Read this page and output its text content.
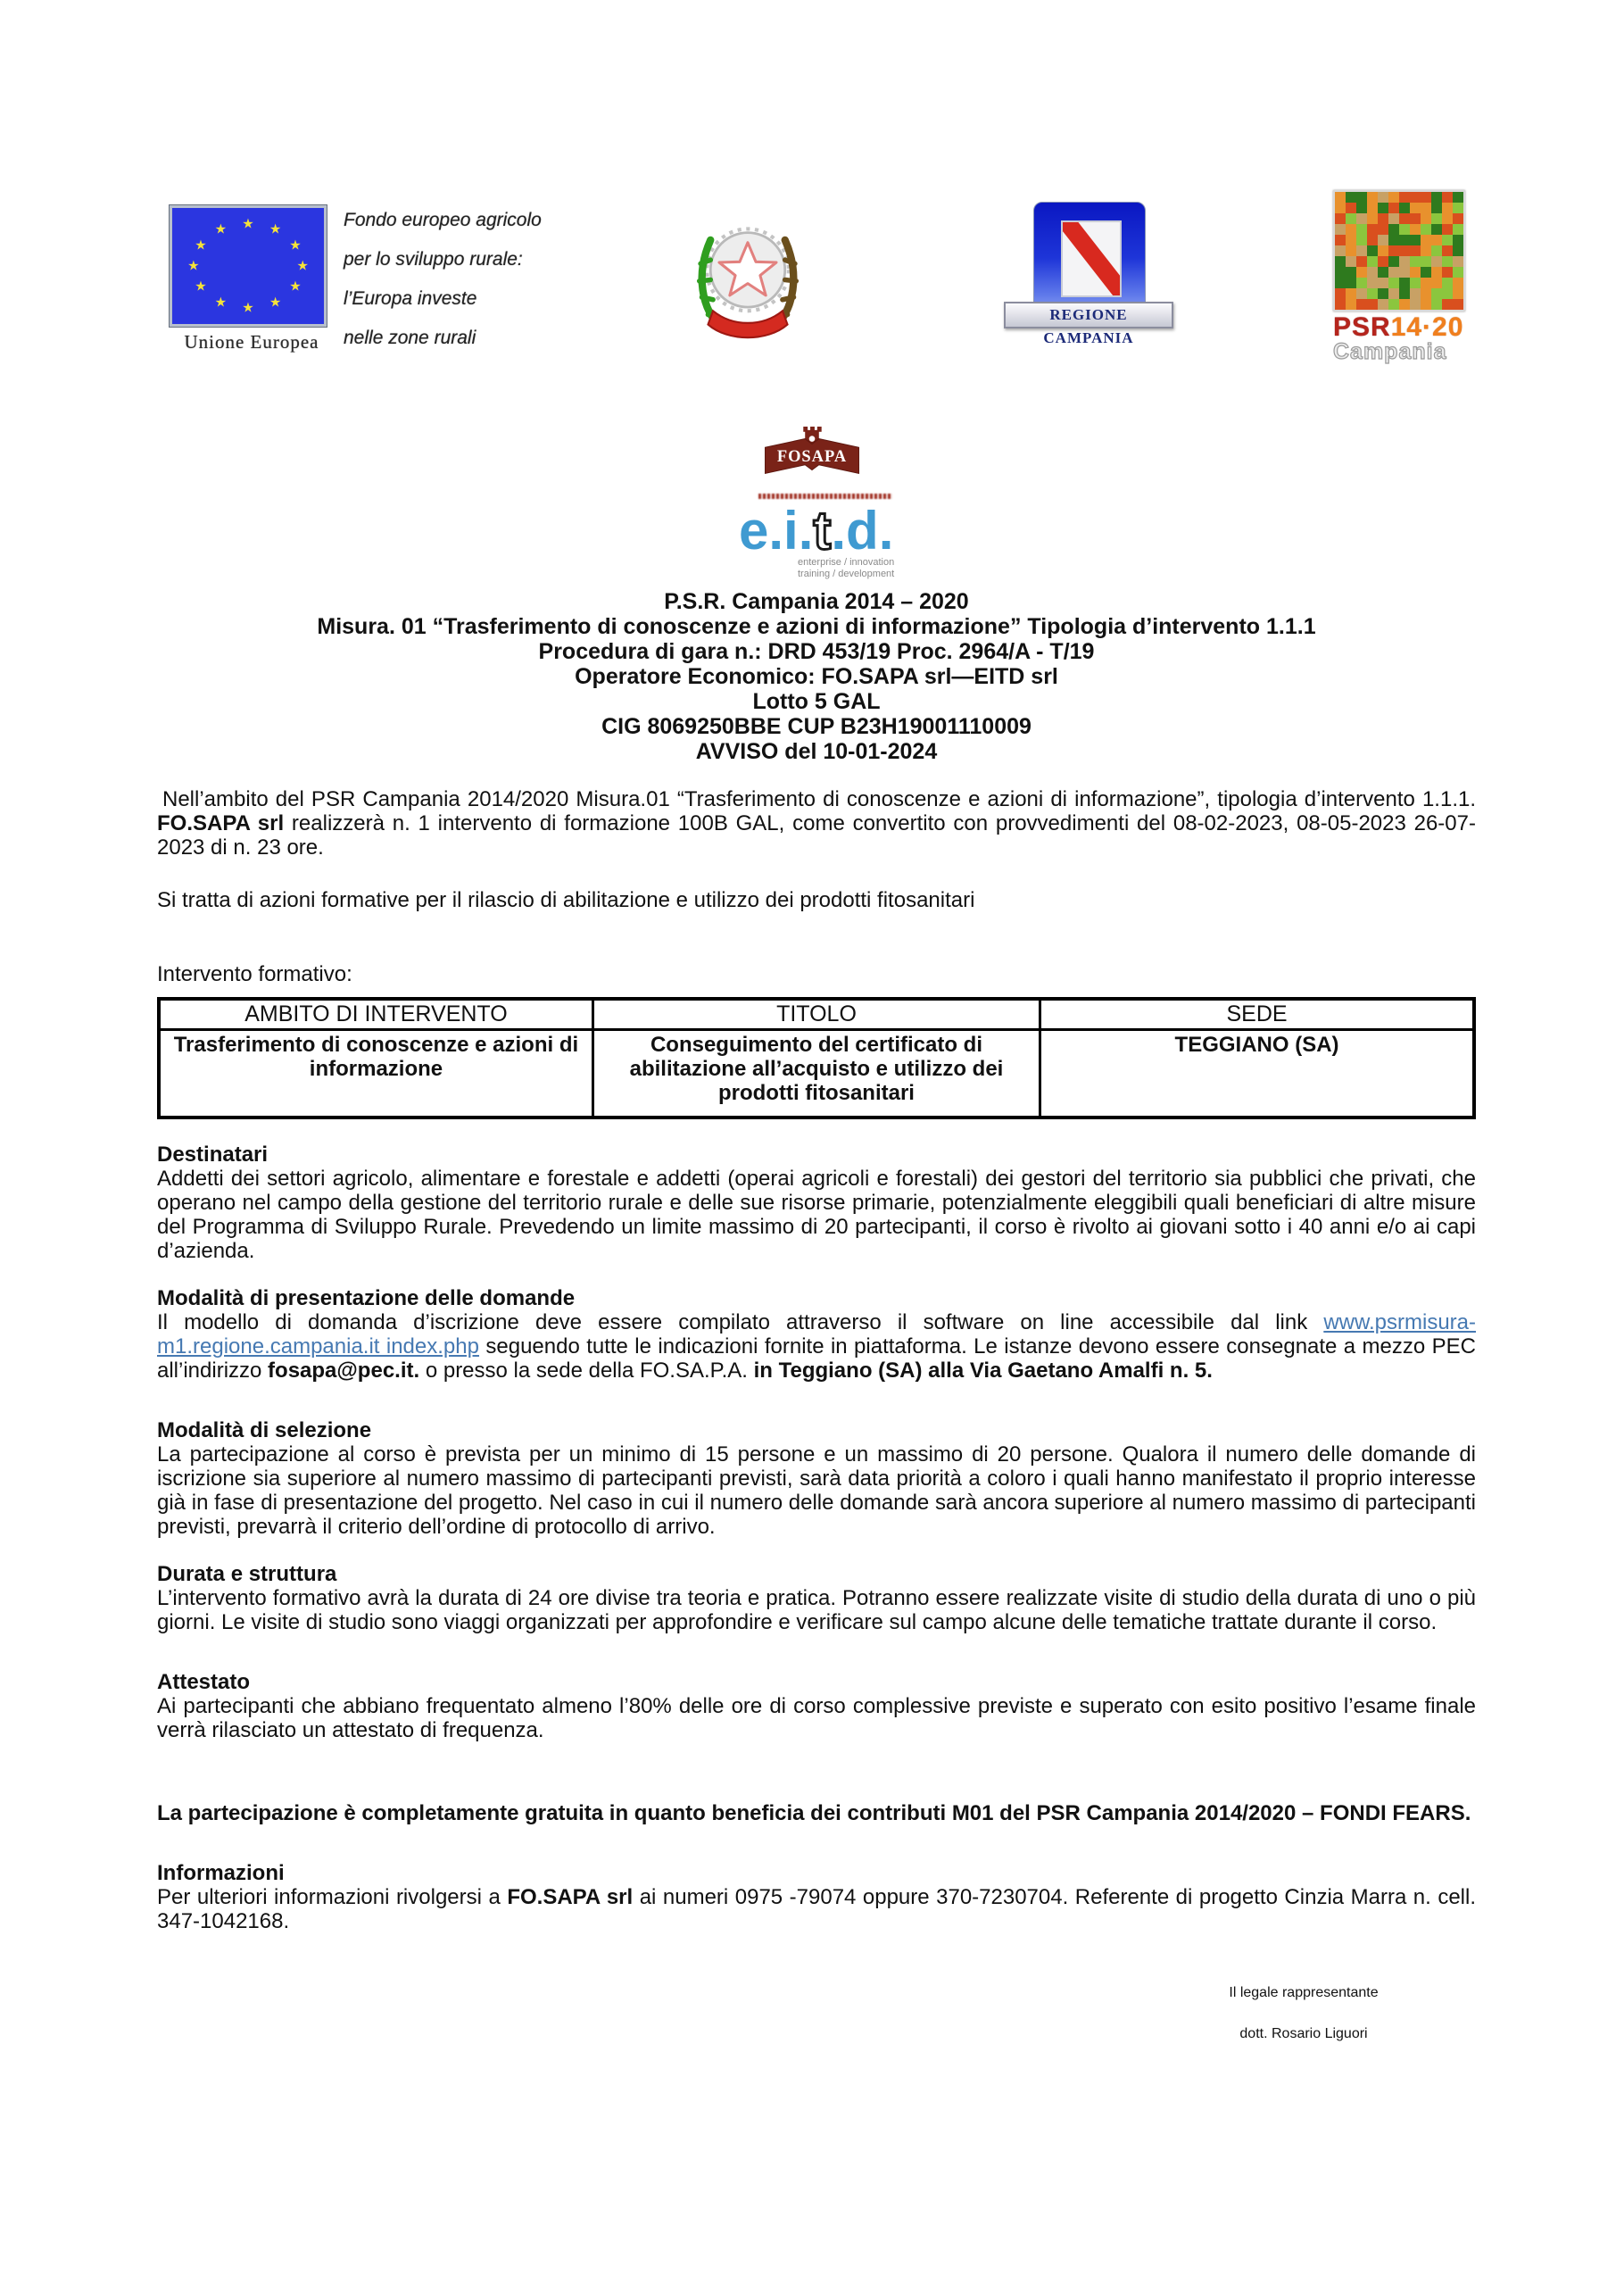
★ ★
★
★
★
★
★
★
★
★
★
★
Unione Europea
Fondo europeo agricolo
per lo sviluppo rurale:
l’Europa investe
nelle zone rurali
REGIONE CAMPANIA	PSR14·20
Campania
FOSAPA
e.i.t.d.
enterprise / innovation
training / development
P.S.R. Campania 2014 – 2020
Misura. 01 “Trasferimento di conoscenze e azioni di informazione” Tipologia d’intervento 1.1.1
Procedura di gara n.: DRD 453/19 Proc. 2964/A - T/19
Operatore Economico: FO.SAPA srl—EITD srl
Lotto 5 GAL
CIG 8069250BBE CUP B23H19001110009
AVVISO del 10-01-2024

Nell’ambito del PSR Campania 2014/2020 Misura.01 “Trasferimento di conoscenze e azioni di informazione”, tipologia d’intervento 1.1.1. FO.SAPA srl realizzerà n. 1 intervento di formazione 100B GAL, come convertito con provvedimenti del 08-02-2023, 08-05-2023 26-07-2023 di n. 23 ore.

Si tratta di azioni formative per il rilascio di abilitazione e utilizzo dei prodotti fitosanitari

Intervento formativo:

AMBITO DI INTERVENTO	TITOLO	SEDE
Trasferimento di conoscenze e azioni di informazione	Conseguimento del certificato di abilitazione all’acquisto e utilizzo dei prodotti fitosanitari	TEGGIANO (SA)
Destinatari

Addetti dei settori agricolo, alimentare e forestale e addetti (operai agricoli e forestali) dei gestori del territorio sia pubblici che privati, che operano nel campo della gestione del territorio rurale e delle sue risorse primarie, potenzialmente eleggibili quali beneficiari di altre misure del Programma di Sviluppo Rurale. Prevedendo un limite massimo di 20 partecipanti, il corso è rivolto ai giovani sotto i 40 anni e/o ai capi d’azienda.

Modalità di presentazione delle domande

Il modello di domanda d’iscrizione deve essere compilato attraverso il software on line accessibile dal link www.psrmisura-m1.regione.campania.it index.php seguendo tutte le indicazioni fornite in piattaforma. Le istanze devono essere consegnate a mezzo PEC all’indirizzo fosapa@pec.it. o presso la sede della FO.SA.P.A. in Teggiano (SA) alla Via Gaetano Amalfi n. 5.

Modalità di selezione

La partecipazione al corso è prevista per un minimo di 15 persone e un massimo di 20 persone. Qualora il numero delle domande di iscrizione sia superiore al numero massimo di partecipanti previsti, sarà data priorità a coloro i quali hanno manifestato il proprio interesse già in fase di presentazione del progetto. Nel caso in cui il numero delle domande sarà ancora superiore al numero massimo di partecipanti previsti, prevarrà il criterio dell’ordine di protocollo di arrivo.

Durata e struttura

L’intervento formativo avrà la durata di 24 ore divise tra teoria e pratica. Potranno essere realizzate visite di studio della durata di uno o più giorni. Le visite di studio sono viaggi organizzati per approfondire e verificare sul campo alcune delle tematiche trattate durante il corso.

Attestato

Ai partecipanti che abbiano frequentato almeno l’80% delle ore di corso complessive previste e superato con esito positivo l’esame finale verrà rilasciato un attestato di frequenza.

La partecipazione è completamente gratuita in quanto beneficia dei contributi M01 del PSR Campania 2014/2020 – FONDI FEARS.

Informazioni

Per ulteriori informazioni rivolgersi a FO.SAPA srl ai numeri 0975 -79074 oppure 370-7230704. Referente di progetto Cinzia Marra n. cell. 347-1042168.

Il legale rappresentante
dott. Rosario Liguori
